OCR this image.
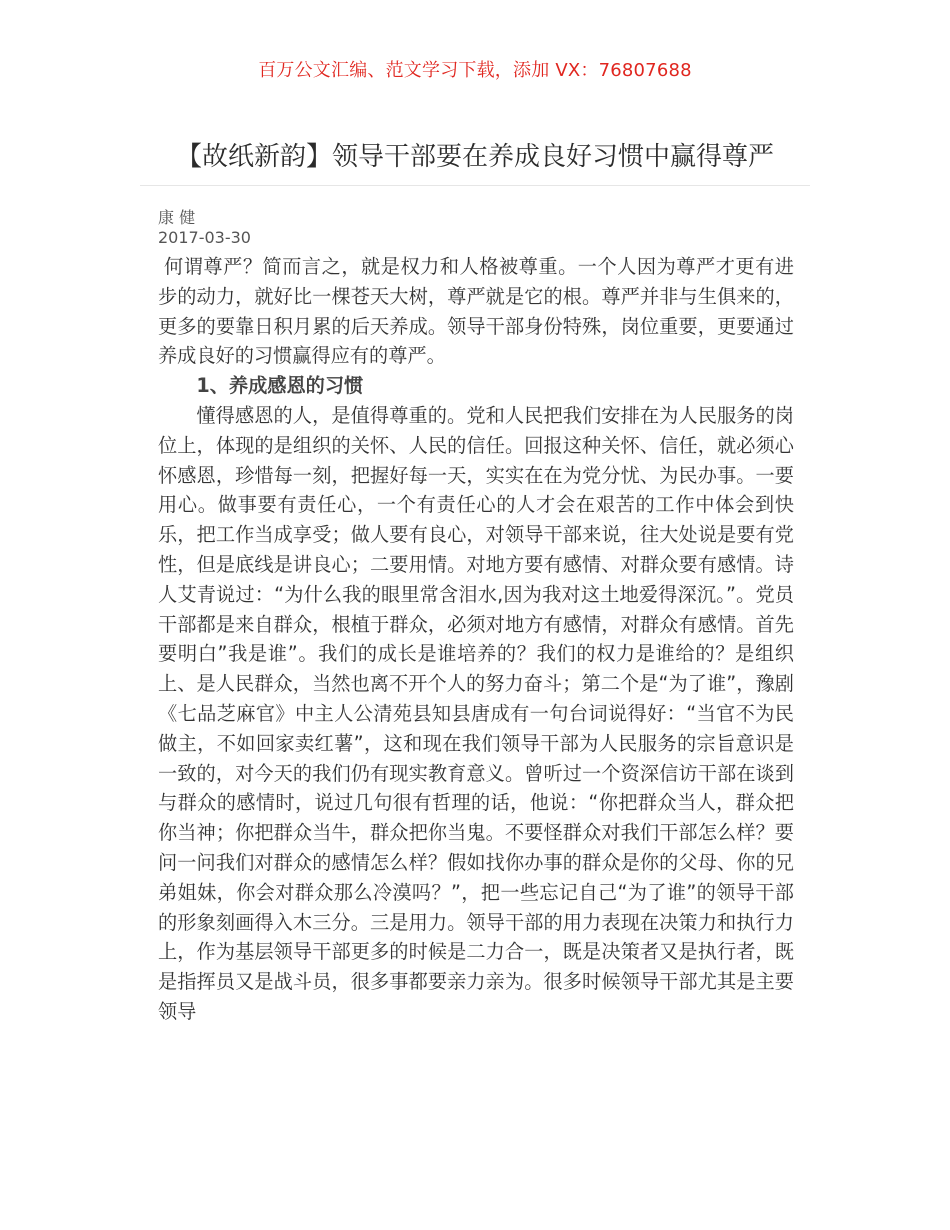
百万公文汇编、范文学习下载，添加 VX：76807688
【故纸新韵】领导干部要在养成良好习惯中赢得尊严
康 健
2017-03-30

何谓尊严？简而言之，就是权力和人格被尊重。一个人因为尊严才更有进步的动力，就好比一棵苍天大树，尊严就是它的根。尊严并非与生俱来的，更多的要靠日积月累的后天养成。领导干部身份特殊，岗位重要，更要通过养成良好的习惯赢得应有的尊严。

1、养成感恩的习惯

懂得感恩的人，是值得尊重的。党和人民把我们安排在为人民服务的岗位上，体现的是组织的关怀、人民的信任。回报这种关怀、信任，就必须心怀感恩，珍惜每一刻，把握好每一天，实实在在为党分忧、为民办事。一要用心。做事要有责任心，一个有责任心的人才会在艰苦的工作中体会到快乐，把工作当成享受；做人要有良心，对领导干部来说，往大处说是要有党性，但是底线是讲良心；二要用情。对地方要有感情、对群众要有感情。诗人艾青说过：“为什么我的眼里常含泪水,因为我对这土地爱得深沉。”。党员干部都是来自群众，根植于群众，必须对地方有感情，对群众有感情。首先要明白”我是谁”。我们的成长是谁培养的？我们的权力是谁给的？是组织上、是人民群众，当然也离不开个人的努力奋斗；第二个是“为了谁”，豫剧《七品芝麻官》中主人公清苑县知县唐成有一句台词说得好：“当官不为民做主，不如回家卖红薯”，这和现在我们领导干部为人民服务的宗旨意识是一致的，对今天的我们仍有现实教育意义。曾听过一个资深信访干部在谈到与群众的感情时，说过几句很有哲理的话，他说：“你把群众当人，群众把你当神；你把群众当牛，群众把你当鬼。不要怪群众对我们干部怎么样？要问一问我们对群众的感情怎么样？假如找你办事的群众是你的父母、你的兄弟姐妹，你会对群众那么冷漠吗？”，把一些忘记自己“为了谁”的领导干部的形象刻画得入木三分。三是用力。领导干部的用力表现在决策力和执行力上，作为基层领导干部更多的时候是二力合一，既是决策者又是执行者，既是指挥员又是战斗员，很多事都要亲力亲为。很多时候领导干部尤其是主要领导
